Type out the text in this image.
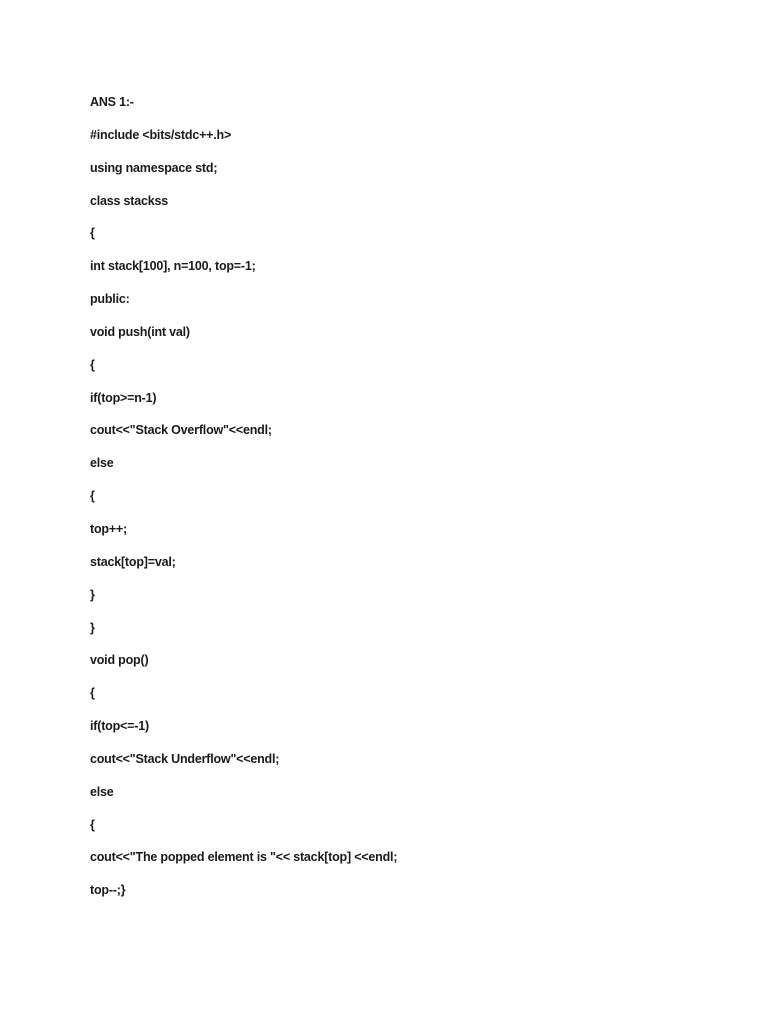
ANS 1:-
#include <bits/stdc++.h>
using namespace std;
class stackss
{
int stack[100], n=100, top=-1;
public:
void push(int val)
{
if(top>=n-1)
cout<<"Stack Overflow"<<endl;
else
{
top++;
stack[top]=val;
}
}
void pop()
{
if(top<=-1)
cout<<"Stack Underflow"<<endl;
else
{
cout<<"The popped element is "<< stack[top] <<endl;
top--;}
